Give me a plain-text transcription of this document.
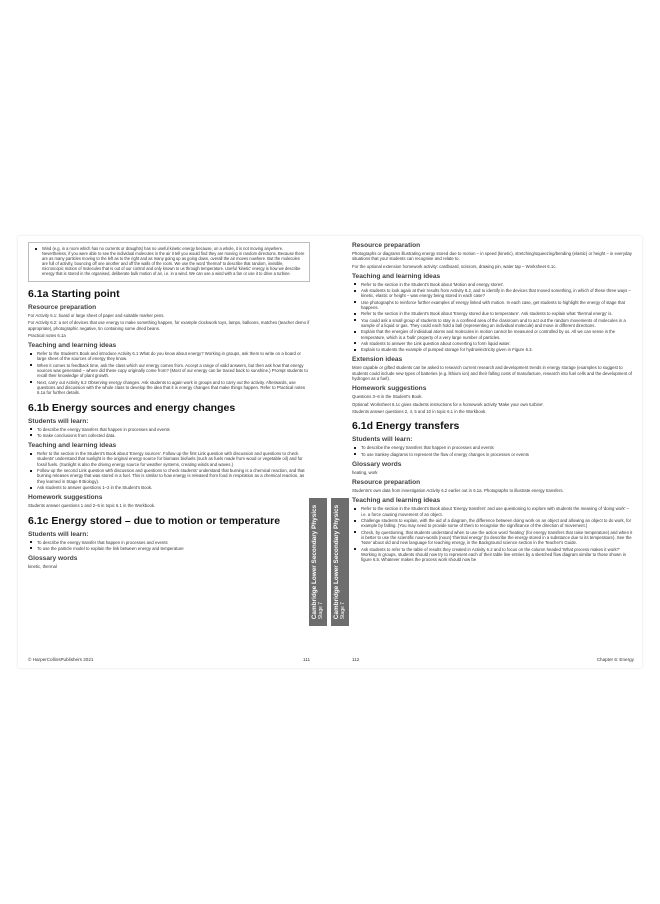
Wind (e.g. in a room which has no currents or draughts) has no useful kinetic energy because, on a whole, it is not moving anywhere. Nevertheless, if you were able to see the individual molecules in the air it tell you would find they are moving in random directions. Because there are as many particles moving to the left as to the right and as many going up as going down, overall the air moves nowhere. But the molecules are full of activity, bouncing off one another and off the walls of the room. We use the word 'thermal' to describe that random, invisible, microscopic motion of molecules that is out of our control and only known to us through temperature. Useful 'kinetic' energy is how we describe energy that is stored in the organised, deliberate bulk motion of air, i.e. in a wind. We can use a wind with a fan or use it to drive a turbine.
6.1a Starting point
Resource preparation

For Activity 6.1: board or large sheet of paper and suitable marker pens.

For Activity 6.2: a set of devices that use energy to make something happen, for example clockwork toys, lamps, balloons, matches (teacher demo if appropriate), photographic negative, tin containing some dried beans.

Practical notes 6.1a

Teaching and learning ideas
Refer to the Student's Book and introduce Activity 6.1 What do you know about energy? Working in groups, ask them to write on a board or large sheet of the sources of energy they know.
When it comes to feedback time, ask the class which our energy comes from. Accept a range of valid answers, but then ask how that energy sources was generated – where did these copy originally come from? (Most of our energy can be traced back to sunshine.) Prompt students to recall their knowledge of plant growth.
Next, carry out Activity 6.2 Observing energy changes. Ask students to again work in groups and to carry out the activity. Afterwards, use questions and discussion with the whole class to develop the idea that it is energy changes that make things happen. Refer to Practical notes 6.1a for further details.
6.1b Energy sources and energy changes
Students will learn:
To describe the energy transfers that happen in processes and events
To make conclusions from collected data.
Teaching and learning ideas
Refer to the section in the Student's Book about 'Energy sources'. Follow up the first Link question with discussion and questions to check students' understand that sunlight is the original energy source for biomass biofuels (such as fuels made from wood or vegetable oil) and for fossil fuels. (Sunlight is also the driving energy source for weather systems, creating winds and waves.)
Follow up the second Link question with discussion and questions to check students' understand that burning is a chemical reaction, and that burning releases energy that was stored in a fuel. This is similar to how energy is released from food in respiration as a chemical reaction, as they learned in Stage 8 Biology).
Ask students to answer questions 1–2 in the Student's Book.
Homework suggestions

Students answer questions 1 and 2–5 in topic 6.1 in the Workbook.

6.1c Energy stored – due to motion or temperature
Students will learn:
To describe the energy transfer that happen in processes and events
To use the particle model to explain the link between energy and temperature
Glossary words

kinetic, thermal

© HarperCollinsPublishers 2021	111
Cambridge Lower Secondary Physics Stage 7 Cambridge Lower Secondary Physics Stage 7
Resource preparation

Photographs or diagrams illustrating energy stored due to motion – in speed (kinetic), stretching/squeezing/bending (elastic) or height – in everyday situations that your students can recognise and relate to.

For the optional extension homework activity: cardboard, scissors, drawing pin, water tap – Worksheet 6.1c.

Teaching and learning ideas
Refer to the section in the Student's Book about 'Motion and energy stores'.
Ask students to look again at their results from Activity 6.2, and to identify in the devices that moved something, in which of these three ways – kinetic, elastic or height – was energy being stored in each case?
Use photographs to reinforce further examples of energy linked with motion. In each case, get students to highlight the energy of stage that happens.
Refer to the section in the Student's Book about 'Energy stored due to temperature'. Ask students to explain what 'thermal energy' is.
You could ask a small group of students to stay in a confined area of the classroom and to act out the random movements of molecules in a sample of a liquid or gas. They could each hold a ball (representing an individual molecule) and move in different directions.
Explain that the energies of individual atoms and molecules in motion cannot be measured or controlled by us. All we can sense is the temperature, which is a 'bulk' property of a very large number of particles.
Ask students to answer the Link question about converting to form liquid water.
Explain to students the example of pumped storage for hydroelectricity given in Figure 6.3.
Extension ideas

More capable or gifted students can be asked to research current research and development trends in energy storage (examples to suggest to students could include new types of batteries (e.g. lithium ion) and their falling costs of manufacture, research into fuel cells and the development of hydrogen as a fuel).

Homework suggestions

Questions 3–6 in the Student's Book.

Optional: Worksheet 6.1c gives students instructions for a homework activity 'Make your own turbine'.

Students answer questions 2, 4, 5 and 10 in topic 6.1 in the Workbook.

6.1d Energy transfers
Students will learn:
To describe the energy transfers that happen in processes and events
To use Sankey diagrams to represent the flow of energy changes in processes or events
Glossary words

heating, work

Resource preparation

Students's own data from investigation Activity 6.2 earlier out in 6.1a. Photographs to illustrate energy transfers.

Teaching and learning ideas
Refer to the section in the Student's Book about 'Energy transfers' and use questioning to explore with students the meaning of 'doing work' – i.e. a force causing movement of an object.
Challenge students to explain, with the aid of a diagram, the difference between doing work on an object and allowing an object to do work, for example by falling. (You may need to provide some of them to recognise the significance of the direction of movement.)
Check, by questioning, that students understand when to use the action word 'heating' (for energy transfers that raise temperature) and when it is better to use the scientific noun-words (noun) 'thermal energy' (to describe the energy stored in a substance due to its temperature). See the 'Note' about old and new language for teaching energy, in the Background science section in the Teacher's Guide.
Ask students to refer to the table of results they created in Activity 6.2 and to focus on the column headed 'What process makes it work?' Working in groups, students should now try to represent each of their table line entries by a sketched flow diagram similar to those shown in figure 6.5. Whatever makes the process work should now be
112	Chapter 6: Energy
